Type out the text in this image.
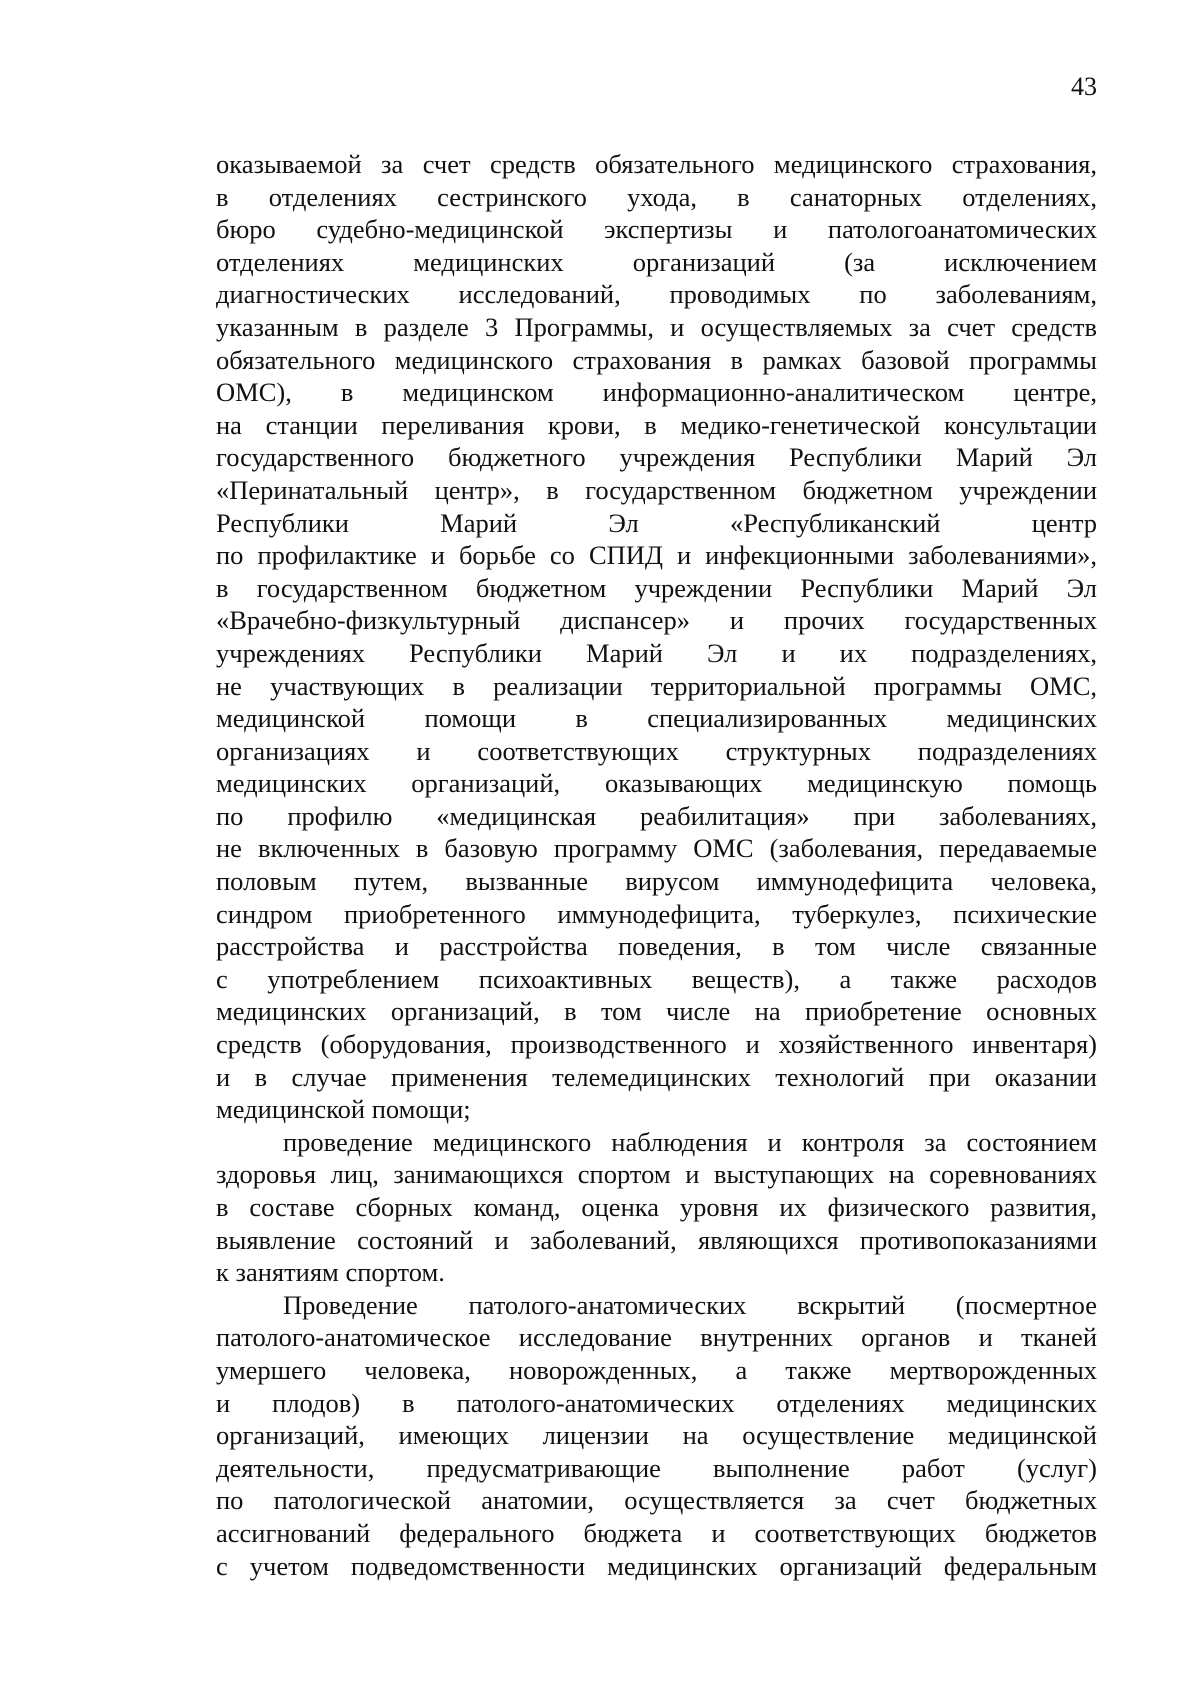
43

оказываемой за счет средств обязательного медицинского страхования,
в отделениях сестринского ухода, в санаторных отделениях,
бюро судебно-медицинской экспертизы и патологоанатомических
отделениях медицинских организаций (за исключением
диагностических исследований, проводимых по заболеваниям,
указанным в разделе 3 Программы, и осуществляемых за счет средств
обязательного медицинского страхования в рамках базовой программы
ОМС), в медицинском информационно-аналитическом центре,
на станции переливания крови, в медико-генетической консультации
государственного бюджетного учреждения Республики Марий Эл
«Перинатальный центр», в государственном бюджетном учреждении
Республики Марий Эл «Республиканский центр
по профилактике и борьбе со СПИД и инфекционными заболеваниями»,
в государственном бюджетном учреждении Республики Марий Эл
«Врачебно-физкультурный диспансер» и прочих государственных
учреждениях Республики Марий Эл и их подразделениях,
не участвующих в реализации территориальной программы ОМС,
медицинской помощи в специализированных медицинских
организациях и соответствующих структурных подразделениях
медицинских организаций, оказывающих медицинскую помощь
по профилю «медицинская реабилитация» при заболеваниях,
не включенных в базовую программу ОМС (заболевания, передаваемые
половым путем, вызванные вирусом иммунодефицита человека,
синдром приобретенного иммунодефицита, туберкулез, психические
расстройства и расстройства поведения, в том числе связанные
с употреблением психоактивных веществ), а также расходов
медицинских организаций, в том числе на приобретение основных
средств (оборудования, производственного и хозяйственного инвентаря)
и в случае применения телемедицинских технологий при оказании
медицинской помощи;
проведение медицинского наблюдения и контроля за состоянием
здоровья лиц, занимающихся спортом и выступающих на соревнованиях
в составе сборных команд, оценка уровня их физического развития,
выявление состояний и заболеваний, являющихся противопоказаниями
к занятиям спортом.
Проведение патолого-анатомических вскрытий (посмертное
патолого-анатомическое исследование внутренних органов и тканей
умершего человека, новорожденных, а также мертворожденных
и плодов) в патолого-анатомических отделениях медицинских
организаций, имеющих лицензии на осуществление медицинской
деятельности, предусматривающие выполнение работ (услуг)
по патологической анатомии, осуществляется за счет бюджетных
ассигнований федерального бюджета и соответствующих бюджетов
с учетом подведомственности медицинских организаций федеральным
